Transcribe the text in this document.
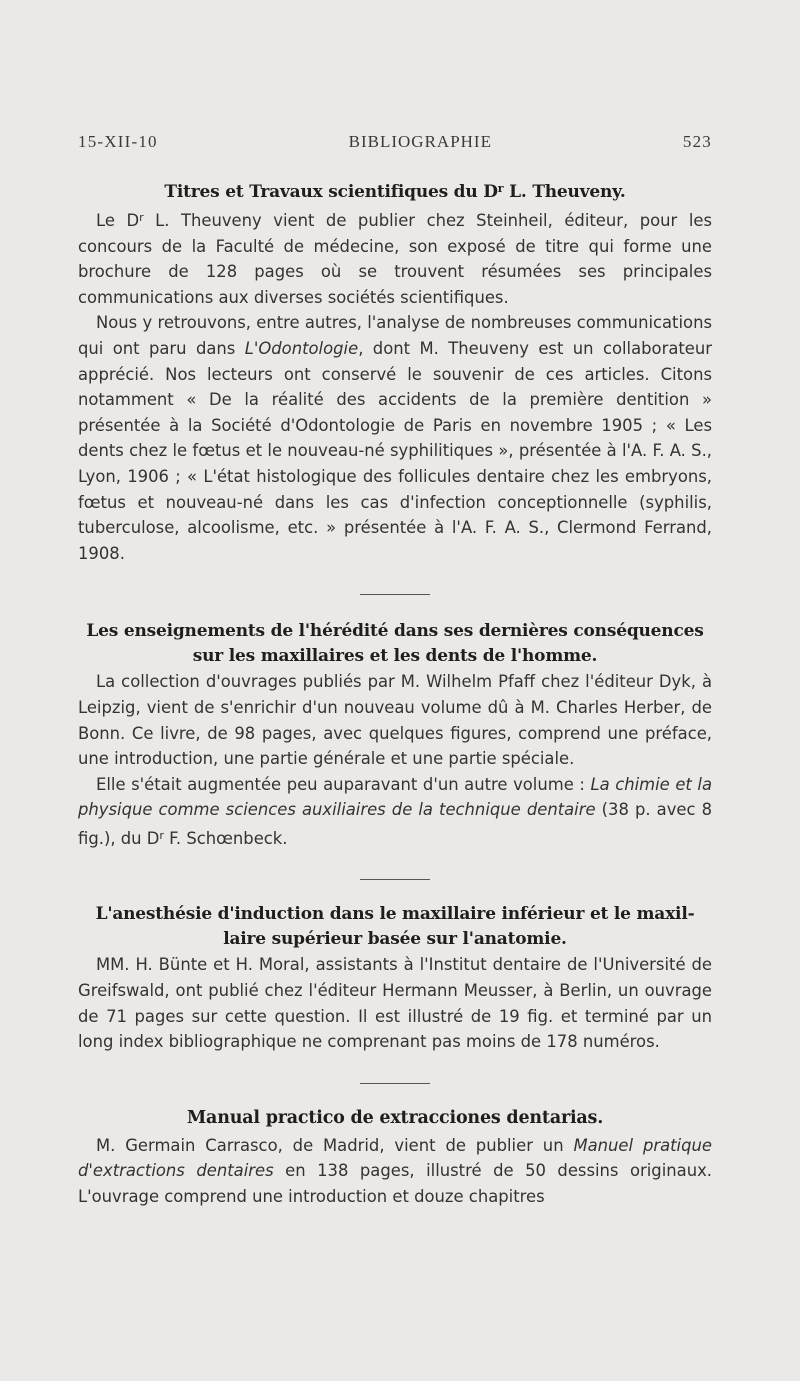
15-XII-10	BIBLIOGRAPHIE	523
Titres et Travaux scientifiques du $D^r$ L. Theuveny.

Le $D^r$ L. Theuveny vient de publier chez Steinheil, éditeur, pour les concours de la Faculté de médecine, son exposé de titre qui forme une brochure de 128 pages où se trouvent résumées ses principales communications aux diverses sociétés scientifiques.

Nous y retrouvons, entre autres, l'analyse de nombreuses communications qui ont paru dans L'Odontologie, dont M. Theuveny est un collaborateur apprécié. Nos lecteurs ont conservé le souvenir de ces articles. Citons notamment « De la réalité des accidents de la première dentition » présentée à la Société d'Odontologie de Paris en novembre 1905 ; « Les dents chez le fœtus et le nouveau-né syphilitiques », présentée à l'A. F. A. S., Lyon, 1906 ; « L'état histologique des follicules dentaire chez les embryons, fœtus et nouveau-né dans les cas d'infection conceptionnelle (syphilis, tuberculose, alcoolisme, etc. » présentée à l'A. F. A. S., Clermond Ferrand, 1908.

Les enseignements de l'hérédité dans ses dernières conséquences
sur les maxillaires et les dents de l'homme.

La collection d'ouvrages publiés par M. Wilhelm Pfaff chez l'éditeur Dyk, à Leipzig, vient de s'enrichir d'un nouveau volume dû à M. Charles Herber, de Bonn. Ce livre, de 98 pages, avec quelques figures, comprend une préface, une introduction, une partie générale et une partie spéciale.

Elle s'était augmentée peu auparavant d'un autre volume : La chimie et la physique comme sciences auxiliaires de la technique dentaire (38 p. avec 8 fig.), du $D^r$ F. Schœnbeck.

L'anesthésie d'induction dans le maxillaire inférieur et le maxil-
laire supérieur basée sur l'anatomie.

MM. H. Bünte et H. Moral, assistants à l'Institut dentaire de l'Université de Greifswald, ont publié chez l'éditeur Hermann Meusser, à Berlin, un ouvrage de 71 pages sur cette question. Il est illustré de 19 fig. et terminé par un long index bibliographique ne comprenant pas moins de 178 numéros.

Manual practico de extracciones dentarias.

M. Germain Carrasco, de Madrid, vient de publier un Manuel pratique d'extractions dentaires en 138 pages, illustré de 50 dessins originaux. L'ouvrage comprend une introduction et douze chapitres
